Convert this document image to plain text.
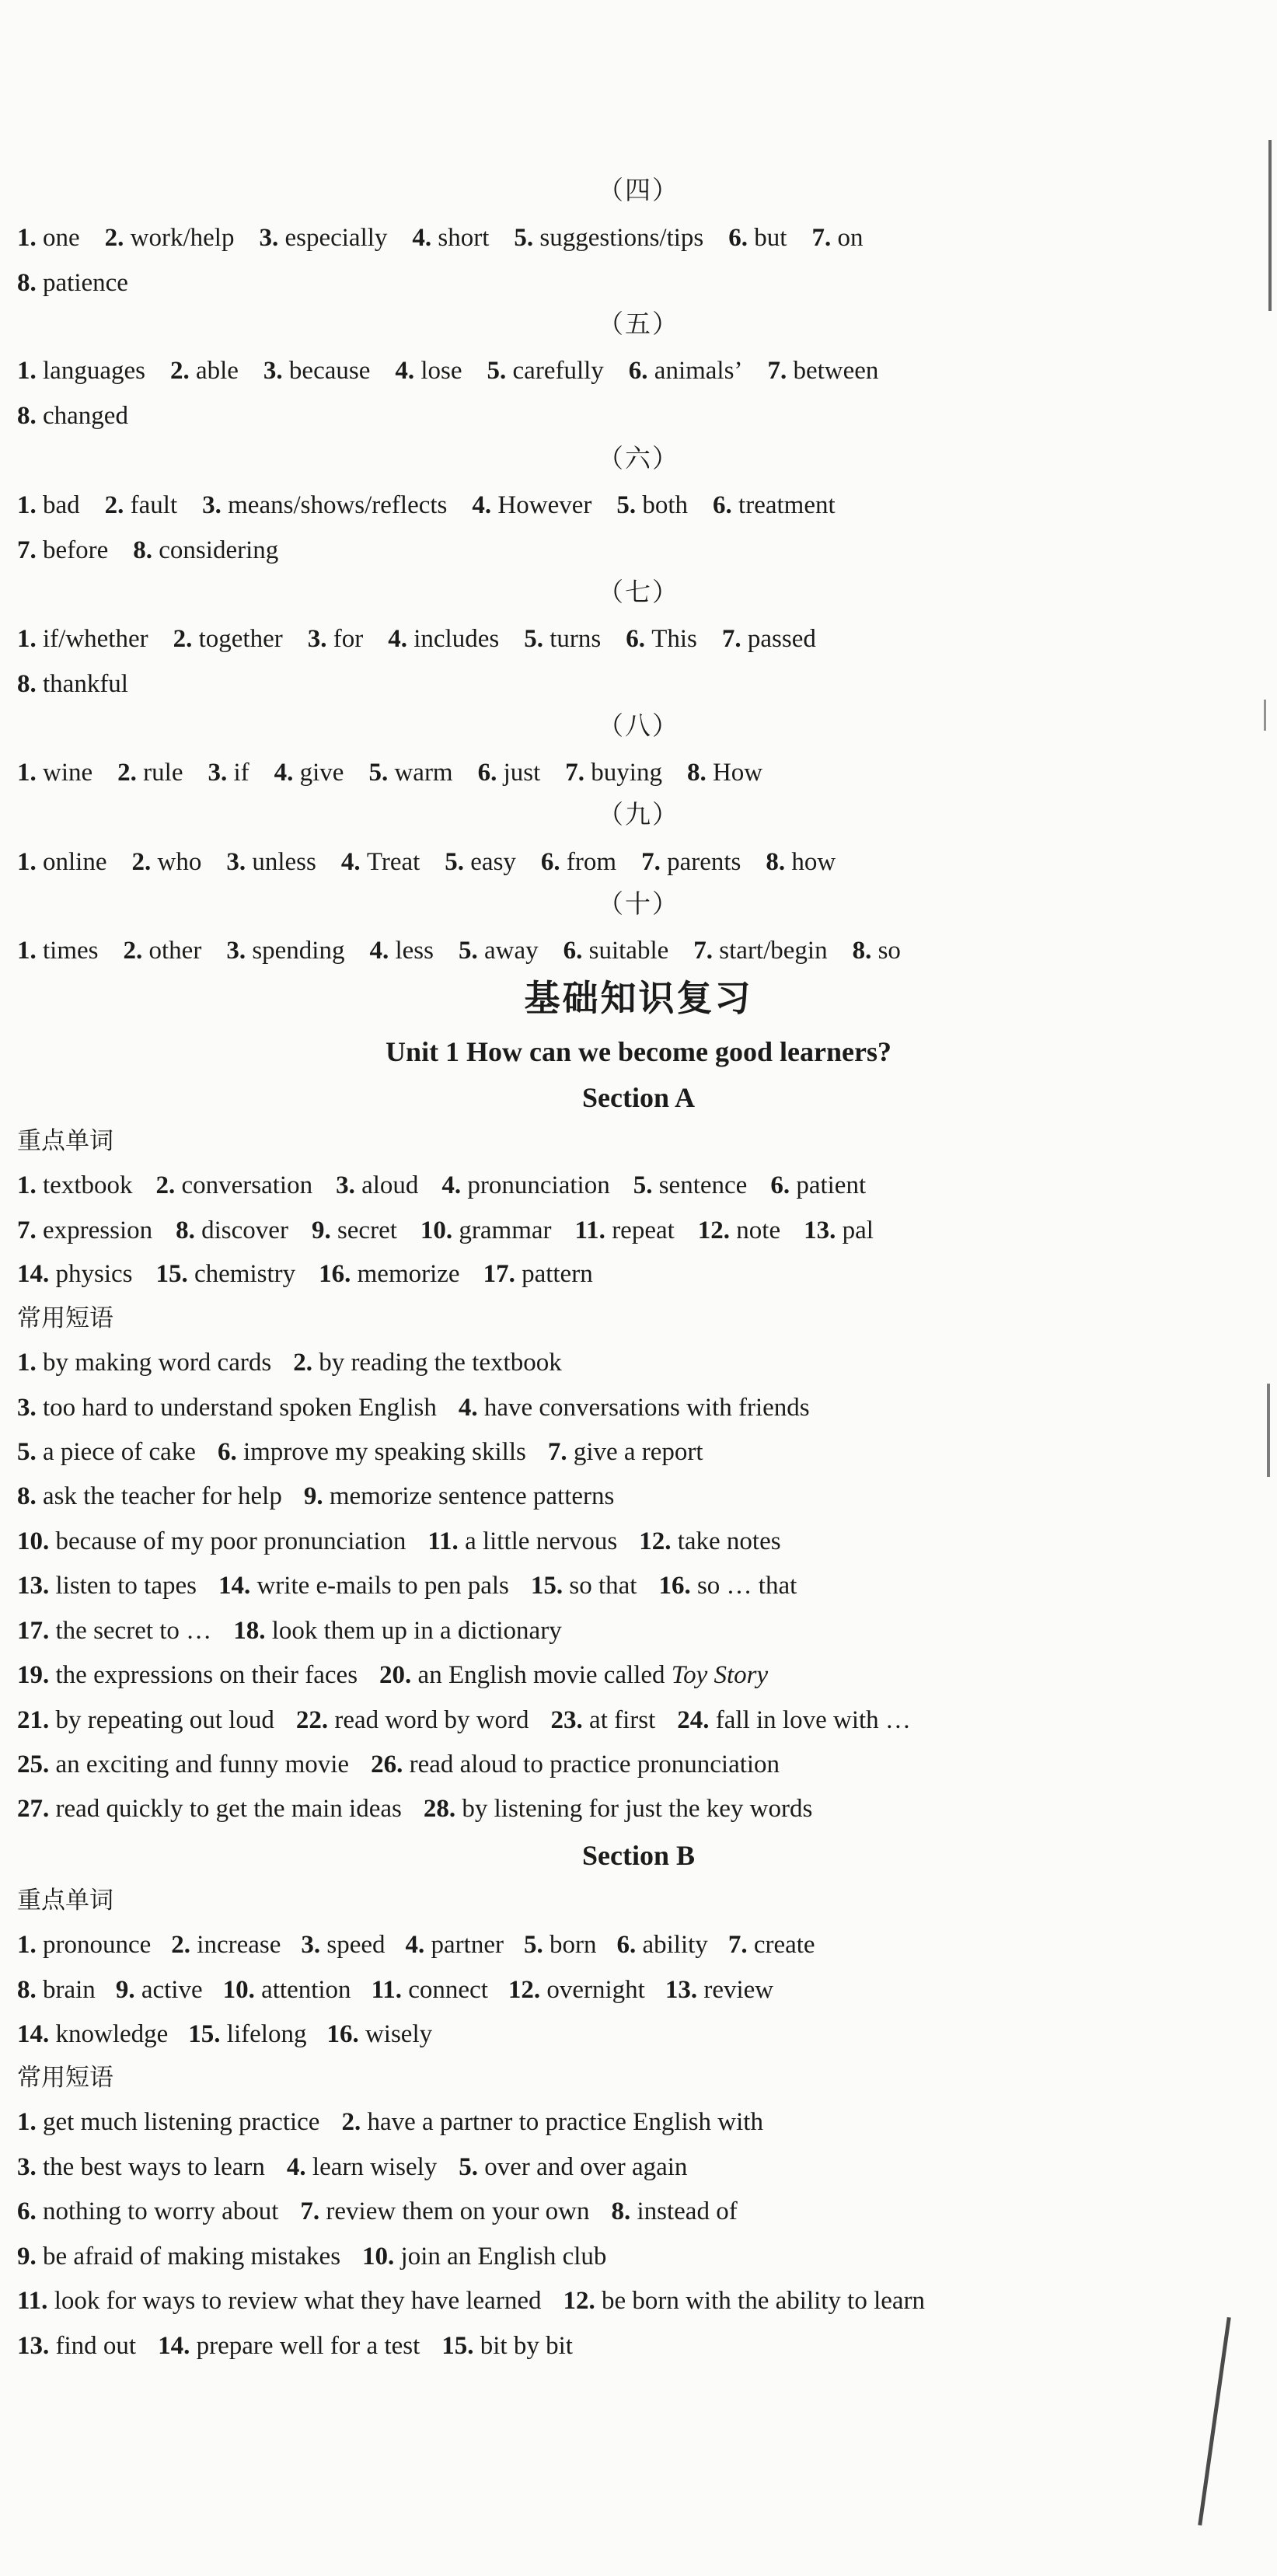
（四）
1. one 2. work/help 3. especially 4. short 5. suggestions/tips 6. but 7. on
8. patience
（五）
1. languages 2. able 3. because 4. lose 5. carefully 6. animals’ 7. between
8. changed
（六）
1. bad 2. fault 3. means/shows/reflects 4. However 5. both 6. treatment
7. before 8. considering
（七）
1. if/whether 2. together 3. for 4. includes 5. turns 6. This 7. passed
8. thankful
（八）
1. wine 2. rule 3. if 4. give 5. warm 6. just 7. buying 8. How
（九）
1. online 2. who 3. unless 4. Treat 5. easy 6. from 7. parents 8. how
（十）
1. times 2. other 3. spending 4. less 5. away 6. suitable 7. start/begin 8. so
基础知识复习
Unit 1 How can we become good learners?
Section A
重点单词
1. textbook 2. conversation 3. aloud 4. pronunciation 5. sentence 6. patient
7. expression 8. discover 9. secret 10. grammar 11. repeat 12. note 13. pal
14. physics 15. chemistry 16. memorize 17. pattern
常用短语
1. by making word cards 2. by reading the textbook
3. too hard to understand spoken English 4. have conversations with friends
5. a piece of cake 6. improve my speaking skills 7. give a report
8. ask the teacher for help 9. memorize sentence patterns
10. because of my poor pronunciation 11. a little nervous 12. take notes
13. listen to tapes 14. write e-mails to pen pals 15. so that 16. so … that
17. the secret to … 18. look them up in a dictionary
19. the expressions on their faces 20. an English movie called Toy Story
21. by repeating out loud 22. read word by word 23. at first 24. fall in love with …
25. an exciting and funny movie 26. read aloud to practice pronunciation
27. read quickly to get the main ideas 28. by listening for just the key words
Section B
重点单词
1. pronounce 2. increase 3. speed 4. partner 5. born 6. ability 7. create
8. brain 9. active 10. attention 11. connect 12. overnight 13. review
14. knowledge 15. lifelong 16. wisely
常用短语
1. get much listening practice 2. have a partner to practice English with
3. the best ways to learn 4. learn wisely 5. over and over again
6. nothing to worry about 7. review them on your own 8. instead of
9. be afraid of making mistakes 10. join an English club
11. look for ways to review what they have learned 12. be born with the ability to learn
13. find out 14. prepare well for a test 15. bit by bit
